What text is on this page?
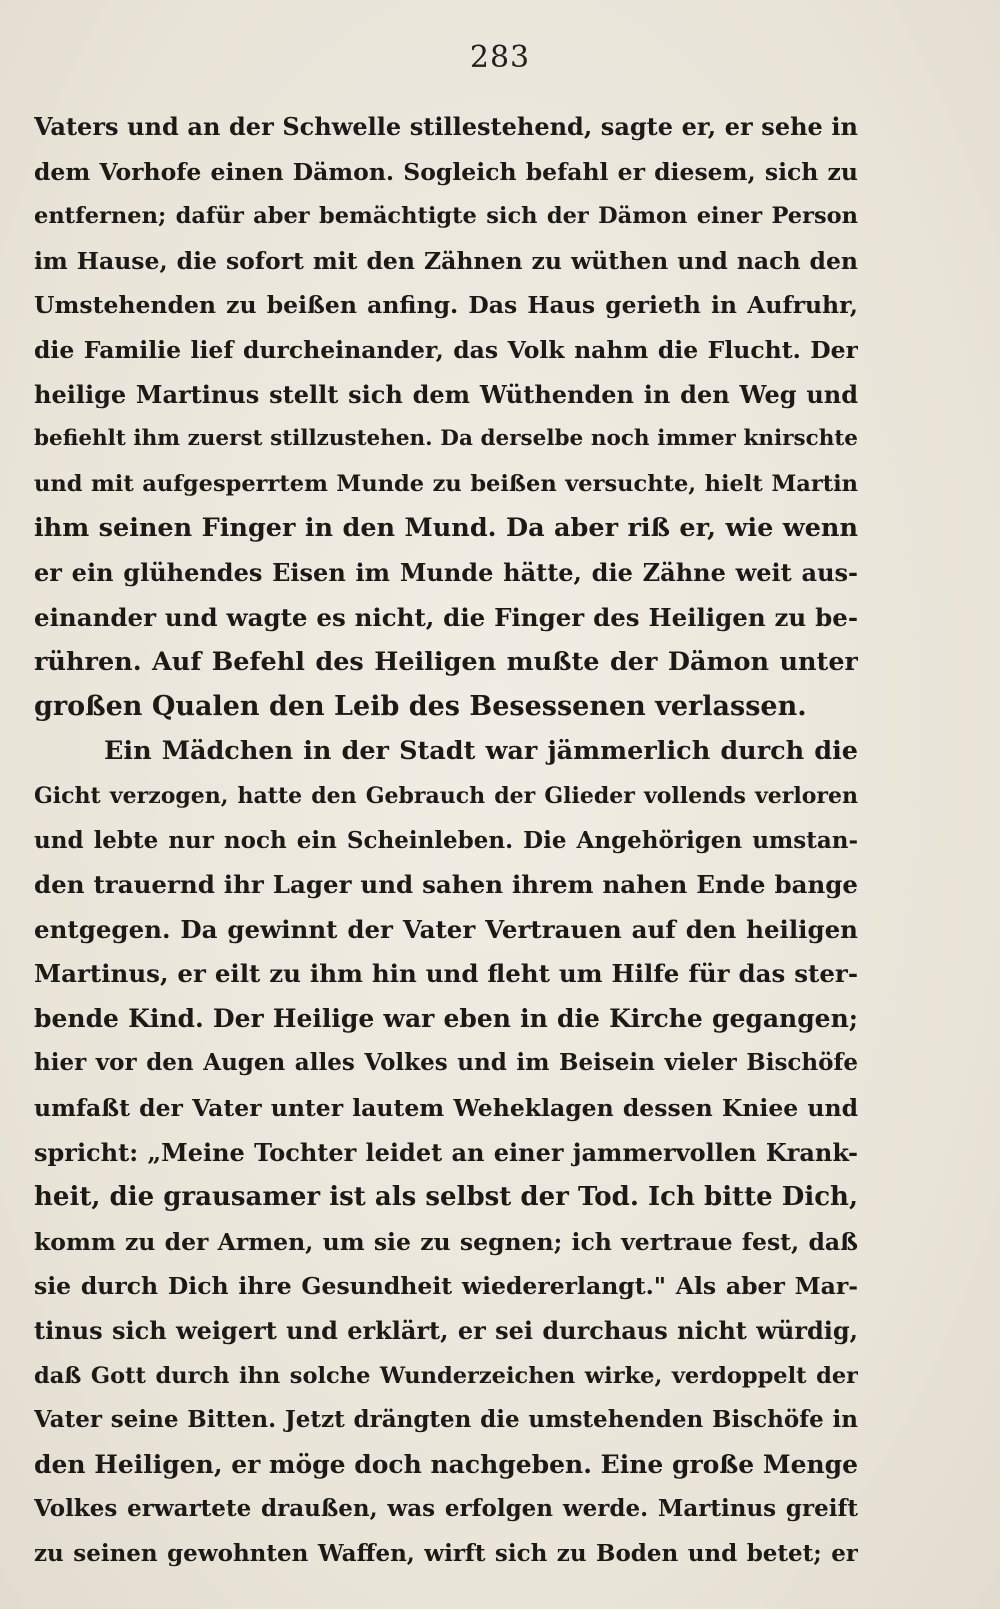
283
Vaters und an der Schwelle stillestehend, sagte er, er sehe in
dem Vorhofe einen Dämon. Sogleich befahl er diesem, sich zu
entfernen; dafür aber bemächtigte sich der Dämon einer Person
im Hause, die sofort mit den Zähnen zu wüthen und nach den
Umstehenden zu beißen anfing. Das Haus gerieth in Aufruhr,
die Familie lief durcheinander, das Volk nahm die Flucht. Der
heilige Martinus stellt sich dem Wüthenden in den Weg und
befiehlt ihm zuerst stillzustehen. Da derselbe noch immer knirschte
und mit aufgesperrtem Munde zu beißen versuchte, hielt Martin
ihm seinen Finger in den Mund. Da aber riß er, wie wenn
er ein glühendes Eisen im Munde hätte, die Zähne weit aus-
einander und wagte es nicht, die Finger des Heiligen zu be-
rühren. Auf Befehl des Heiligen mußte der Dämon unter
großen Qualen den Leib des Besessenen verlassen.
Ein Mädchen in der Stadt war jämmerlich durch die
Gicht verzogen, hatte den Gebrauch der Glieder vollends verloren
und lebte nur noch ein Scheinleben. Die Angehörigen umstan-
den trauernd ihr Lager und sahen ihrem nahen Ende bange
entgegen. Da gewinnt der Vater Vertrauen auf den heiligen
Martinus, er eilt zu ihm hin und fleht um Hilfe für das ster-
bende Kind. Der Heilige war eben in die Kirche gegangen;
hier vor den Augen alles Volkes und im Beisein vieler Bischöfe
umfaßt der Vater unter lautem Weheklagen dessen Kniee und
spricht: „Meine Tochter leidet an einer jammervollen Krank-
heit, die grausamer ist als selbst der Tod. Ich bitte Dich,
komm zu der Armen, um sie zu segnen; ich vertraue fest, daß
sie durch Dich ihre Gesundheit wiedererlangt." Als aber Mar-
tinus sich weigert und erklärt, er sei durchaus nicht würdig,
daß Gott durch ihn solche Wunderzeichen wirke, verdoppelt der
Vater seine Bitten. Jetzt drängten die umstehenden Bischöfe in
den Heiligen, er möge doch nachgeben. Eine große Menge
Volkes erwartete draußen, was erfolgen werde. Martinus greift
zu seinen gewohnten Waffen, wirft sich zu Boden und betet; er
